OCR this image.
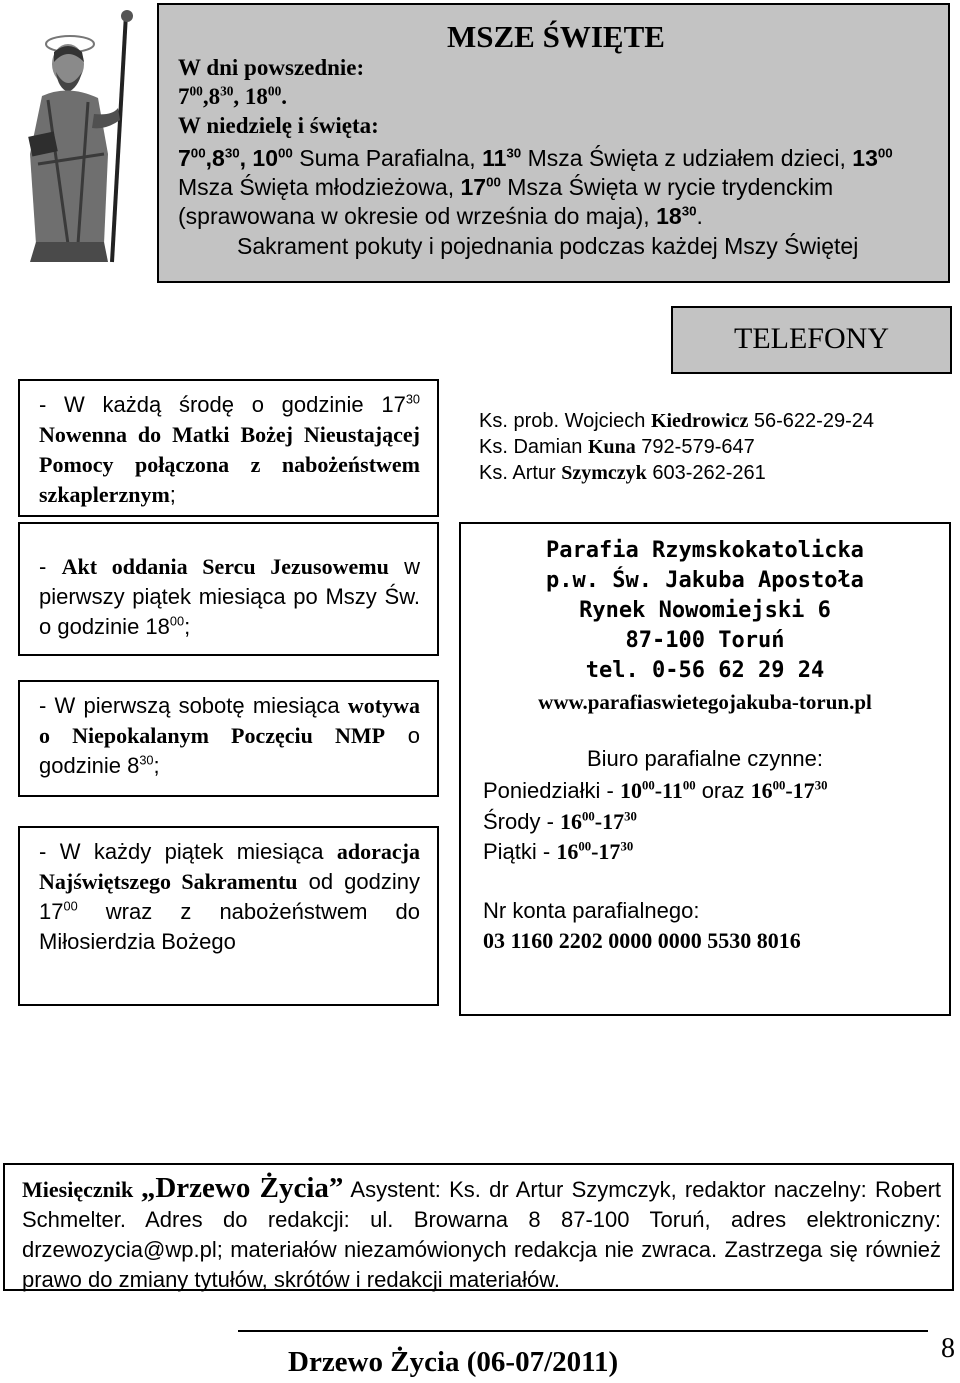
MSZE ŚWIĘTE
W dni powszednie:
$7^{00},8^{30}$, $18^{00}$.
W niedzielę i święta:
$7^{00},8^{30}$, $10^{00}$ Suma Parafialna, $11^{30}$ Msza Święta z udziałem dzieci, $13^{00}$
Msza Święta młodzieżowa, $17^{00}$ Msza Święta w rycie trydenckim
(sprawowana w okresie od września do maja), $18^{30}$.
Sakrament pokuty i pojednania podczas każdej Mszy Świętej
TELEFONY
- W każdą środę o godzinie $17^{30}$ Nowenna do Matki Bożej Nieustającej Pomocy połączona z nabożeństwem szkaplerznym;
- Akt oddania Sercu Jezusowemu w pierwszy piątek miesiąca po Mszy Św. o godzinie $18^{00}$;
- W pierwszą sobotę miesiąca wotywa o Niepokalanym Poczęciu NMP o godzinie $8^{30}$;
- W każdy piątek miesiąca adoracja Najświętszego Sakramentu od godziny $17^{00}$ wraz z nabożeństwem do Miłosierdzia Bożego
Ks. prob. Wojciech Kiedrowicz 56-622-29-24
Ks. Damian Kuna 792-579-647
Ks. Artur Szymczyk 603-262-261
Parafia Rzymskokatolicka
p.w. Św. Jakuba Apostoła
Rynek Nowomiejski 6
87-100 Toruń
tel. 0-56 62 29 24
www.parafiaswietegojakuba-torun.pl
Biuro parafialne czynne:
Poniedziałki - $10^{00}-11^{00}$ oraz $16^{00}-17^{30}$
Środy - $16^{00}-17^{30}$
Piątki - $16^{00}-17^{30}$
Nr konta parafialnego:
03 1160 2202 0000 0000 5530 8016
Miesięcznik „Drzewo Życia” Asystent: Ks. dr Artur Szymczyk, redaktor naczelny: Robert Schmelter. Adres do redakcji: ul. Browarna 8 87-100 Toruń, adres elektroniczny: drzewozycia@wp.pl; materiałów niezamówionych redakcja nie zwraca. Zastrzega się również prawo do zmiany tytułów, skrótów i redakcji materiałów.
Drzewo Życia (06-07/2011)	8
